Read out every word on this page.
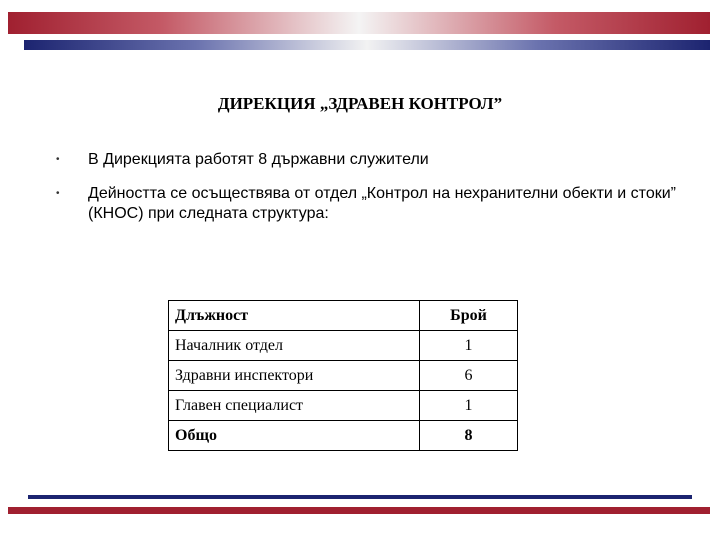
ДИРЕКЦИЯ „ЗДРАВЕН КОНТРОЛ”
•	В Дирекцията работят 8 държавни служители
•	Дейността се осъществява от отдел „Контрол на нехранителни обекти и стоки” (КНОС) при следната структура:
Длъжност	Брой
Началник отдел	1
Здравни инспектори	6
Главен специалист	1
Общо	8
